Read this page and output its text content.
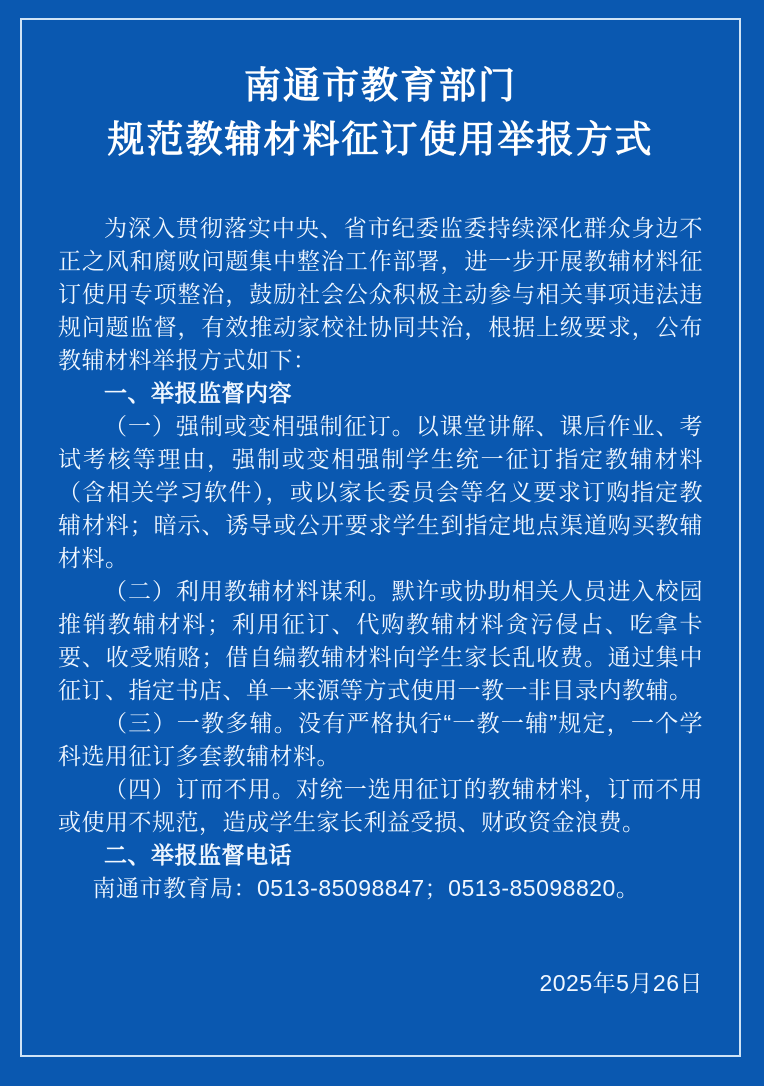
南通市教育部门
规范教辅材料征订使用举报方式

为深入贯彻落实中央、省市纪委监委持续深化群众身边不正之风和腐败问题集中整治工作部署，进一步开展教辅材料征订使用专项整治，鼓励社会公众积极主动参与相关事项违法违规问题监督，有效推动家校社协同共治，根据上级要求，公布教辅材料举报方式如下：

一、举报监督内容

（一）强制或变相强制征订。以课堂讲解、课后作业、考试考核等理由，强制或变相强制学生统一征订指定教辅材料（含相关学习软件），或以家长委员会等名义要求订购指定教辅材料；暗示、诱导或公开要求学生到指定地点渠道购买教辅材料。

（二）利用教辅材料谋利。默许或协助相关人员进入校园推销教辅材料；利用征订、代购教辅材料贪污侵占、吃拿卡要、收受贿赂；借自编教辅材料向学生家长乱收费。通过集中征订、指定书店、单一来源等方式使用一教一非目录内教辅。

（三）一教多辅。没有严格执行“一教一辅”规定，一个学科选用征订多套教辅材料。

（四）订而不用。对统一选用征订的教辅材料，订而不用或使用不规范，造成学生家长利益受损、财政资金浪费。

二、举报监督电话

南通市教育局：0513-85098847；0513-85098820。

2025年5月26日
